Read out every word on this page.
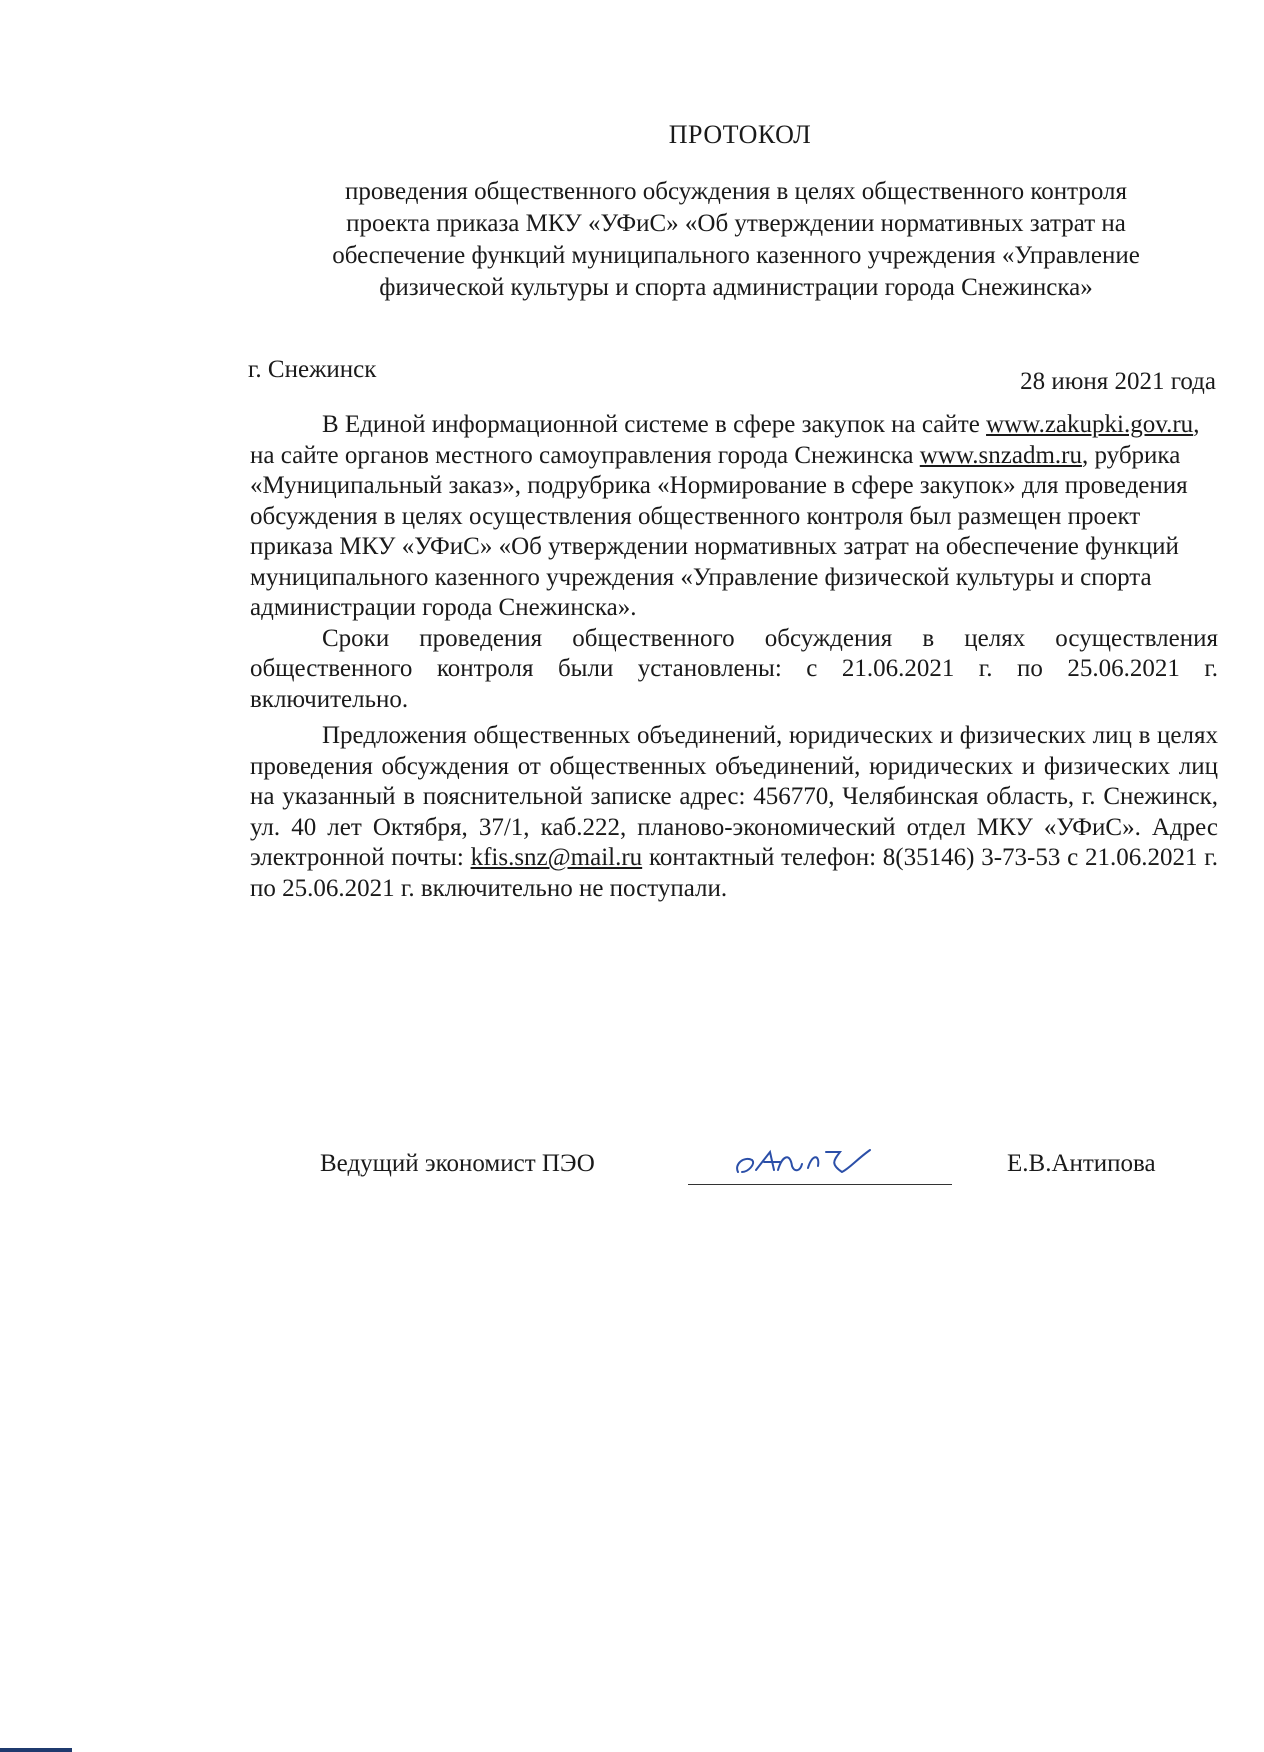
ПРОТОКОЛ
проведения общественного обсуждения в целях общественного контроля
проекта приказа МКУ «УФиС» «Об утверждении нормативных затрат на
обеспечение функций муниципального казенного учреждения «Управление
физической культуры и спорта администрации города Снежинска»
г. Снежинск	28 июня 2021 года

В Единой информационной системе в сфере закупок на сайте www.zakupki.gov.ru, на сайте органов местного самоуправления города Снежинска www.snzadm.ru, рубрика «Муниципальный заказ», подрубрика «Нормирование в сфере закупок» для проведения обсуждения в целях осуществления общественного контроля был размещен проект приказа МКУ «УФиС» «Об утверждении нормативных затрат на обеспечение функций муниципального казенного учреждения «Управление физической культуры и спорта администрации города Снежинска».

Сроки проведения общественного обсуждения в целях осуществления общественного контроля были установлены: с 21.06.2021 г. по 25.06.2021 г. включительно.

Предложения общественных объединений, юридических и физических лиц в целях проведения обсуждения от общественных объединений, юридических и физических лиц на указанный в пояснительной записке адрес: 456770, Челябинская область, г. Снежинск, ул. 40 лет Октября, 37/1, каб.222, планово-экономический отдел МКУ «УФиС». Адрес электронной почты: kfis.snz@mail.ru контактный телефон: 8(35146) 3-73-53 с 21.06.2021 г. по 25.06.2021 г. включительно не поступали.

Ведущий экономист ПЭО	Е.В.Антипова
